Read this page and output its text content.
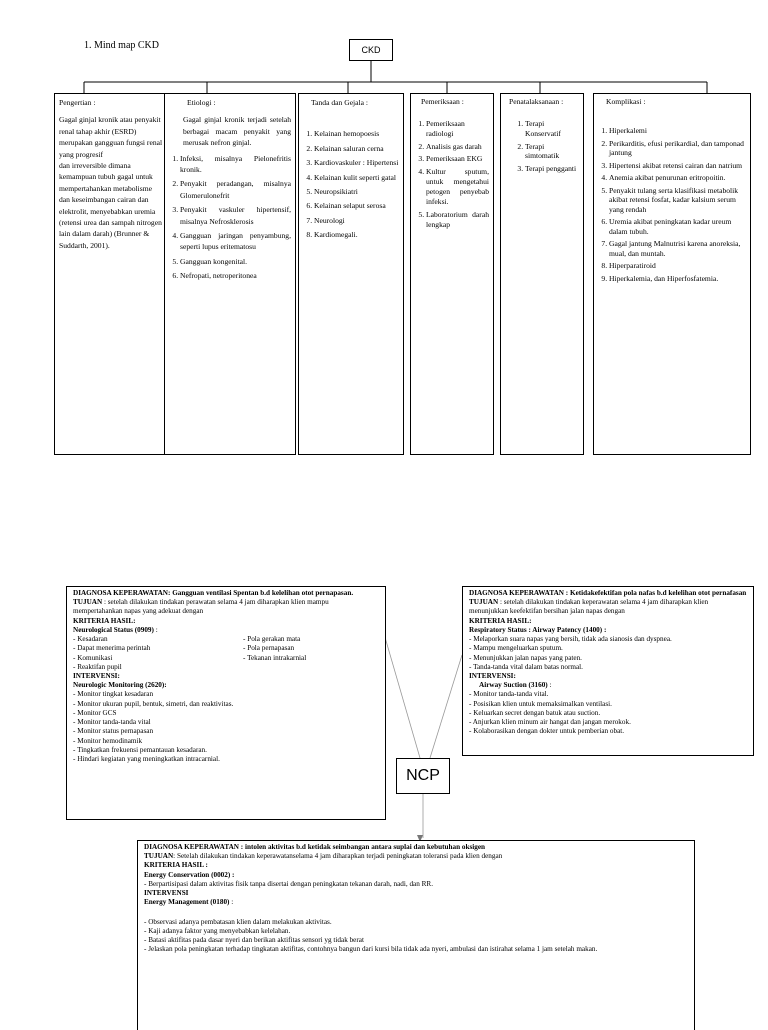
1. Mind map CKD	CKD
Pengertian :
Gagal ginjal kronik atau penyakit renal tahap akhir (ESRD) merupakan gangguan fungsi renal yang progresif
dan irreversible dimana kemampuan tubuh gagal untuk mempertahankan metabolisme dan keseimbangan cairan dan elektrolit, menyebabkan uremia (retensi urea dan sampah nitrogen lain dalam darah) (Brunner & Suddarth, 2001).
Etiologi :
Gagal ginjal kronik terjadi setelah berbagai macam penyakit yang merusak nefron ginjal.
1. Infeksi, misalnya Pielonefritis kronik.
2. Penyakit peradangan, misalnya Glomerulonefrit
3. Penyakit vaskuler hipertensif, misalnya Nefrosklerosis
4. Gangguan jaringan penyambung, seperti lupus eritematosu
5. Gangguan kongenital.
6. Nefropati, netroperitonea
Tanda dan Gejala :
1. Kelainan hemopoesis
2. Kelainan saluran cerna
3. Kardiovaskuler : Hipertensi
4. Kelainan kulit seperti gatal
5. Neuropsikiatri
6. Kelainan selaput serosa
7. Neurologi
8. Kardiomegali.
Pemeriksaan :
1. Pemeriksaan radiologi
2. Analisis gas darah
3. Pemeriksaan EKG
4. Kultur sputum, untuk mengetahui petogen penyebab infeksi.
5. Laboratorium darah lengkap
Penatalaksanaan :
1. Terapi Konservatif
2. Terapi simtomatik
3. Terapi pengganti
Komplikasi :
1. Hiperkalemi
2. Perikarditis, efusi perikardial, dan tamponad jantung
3. Hipertensi akibat retensi cairan dan natrium
4. Anemia akibat penurunan eritropoitin.
5. Penyakit tulang serta klasifikasi metabolik akibat retensi fosfat, kadar kalsium serum yang rendah
6. Uremia akibat peningkatan kadar ureum dalam tubuh.
7. Gagal jantung Malnutrisi karena anoreksia, mual, dan muntah.
8. Hiperparatiroid
9. Hiperkalemia, dan Hiperfosfatemia.
NCP
DIAGNOSA KEPERAWATAN: Gangguan ventilasi Spentan b.d kelelihan otot pernapasan.
TUJUAN : setelah dilakukan tindakan perawatan selama 4 jam diharapkan klien mampu mempertahankan napas yang adekuat dengan
KRITERIA HASIL:
Neurological Status (0909) :
- Kesadaran
- Dapat menerima perintah
- Komunikasi
- Reaktifan pupil
- Pola gerakan mata
- Pola pernapasan
- Tekanan intrakarnial
INTERVENSI:
Neurologic Monitoring (2620):
- Monitor tingkat kesadaran
- Monitor ukuran pupil, bentuk, simetri, dan reaktivitas.
- Monitor GCS
- Monitor tanda-tanda vital
- Monitor status pernapasan
- Monitor hemodinamik
- Tingkatkan frekuensi pemantauan kesadaran.
- Hindari kegiatan yang meningkatkan intracarnial.
DIAGNOSA KEPERAWATAN : Ketidakefektifan pola nafas b.d kelelihan otot pernafasan
TUJUAN : setelah dilakukan tindakan keperawatan selama 4 jam diharapkan klien menunjukkan keefektifan bersihan jalan napas dengan
KRITERIA HASIL:
Respiratory Status : Airway Patency (1400) :
- Melaporkan suara napas yang bersih, tidak ada sianosis dan dyspnea.
- Mampu mengeluarkan sputum.
- Menunjukkan jalan napas yang paten.
- Tanda-tanda vital dalam batas normal.
INTERVENSI:
Airway Suction (3160) :
- Monitor tanda-tanda vital.
- Posisikan klien untuk memaksimalkan ventilasi.
- Keluarkan secret dengan batuk atau suction.
- Anjurkan klien minum air hangat dan jangan merokok.
- Kolaborasikan dengan dokter untuk pemberian obat.
DIAGNOSA KEPERAWATAN : intolen aktivitas b.d ketidak seimbangan antara suplai dan kebutuhan oksigen
TUJUAN: Setelah dilakukan tindakan keperawatanselama 4 jam diharapkan terjadi peningkatan toleransi pada klien dengan
KRITERIA HASIL :
Energy Conservation (0002) :
- Berpartisipasi dalam aktivitas fisik tanpa disertai dengan peningkatan tekanan darah, nadi, dan RR.
INTERVENSI
Energy Management (0180) :
- Observasi adanya pembatasan klien dalam melakukan aktivitas.
- Kaji adanya faktor yang menyebabkan kelelahan.
- Batasi aktifitas pada dasar nyeri dan berikan aktifitas sensori yg tidak berat
- Jelaskan pola peningkatan terhadap tingkatan aktifitas, contohnya bangun dari kursi bila tidak ada nyeri, ambulasi dan istirahat selama 1 jam setelah makan.
